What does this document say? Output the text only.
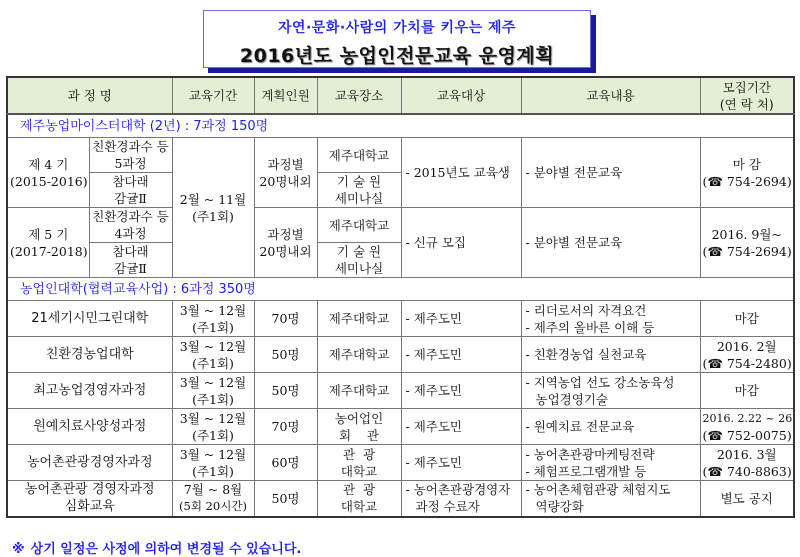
자연·문화·사람의 가치를 키우는 제주
2016년도 농업인전문교육 운영계획
과 정 명		교육기간	계획인원	교육장소	교육대상	교육내용	모집기간
(연 락 처)

제주농업마이스터대학 (2년) : 7과정 150명							

제 4 기
(2015-2016)	친환경과수 등
5과정	2월 ~ 11월
(주1회)	과정별
20명내외	제주대학교	- 2015년도 교육생	- 분야별 전문교육	마 감
(☎ 754-2694)

	참다래
감귤Ⅱ			기 술 원
세미나실			

제 5 기
(2017-2018)	친환경과수 등
4과정		과정별
20명내외	제주대학교	- 신규 모집	- 분야별 전문교육	2016. 9월~
(☎ 754-2694)

	참다래
감귤Ⅱ			기 술 원
세미나실			

농업인대학(협력교육사업) : 6과정 350명							
21세기시민그린대학		3월 ~ 12월
(주1회)	70명	제주대학교	- 제주도민	- 리더로서의 자격요건
- 제주의 올바른 이해 등	마감
친환경농업대학		3월 ~ 12월
(주1회)	50명	제주대학교	- 제주도민	- 친환경농업 실천교육	2016. 2월
(☎ 754-2480)

최고농업경영자과정		3월 ~ 12월
(주1회)	50명	제주대학교	- 제주도민	- 지역농업 선도 강소농육성
농업경영기술	마감
원예치료사양성과정		3월 ~ 12월
(주1회)	70명	농어업인
회    관	- 제주도민	- 원예치료 전문교육	2016. 2.22 ~ 26
(☎ 752-0075)

농어촌관광경영자과정		3월 ~ 12월
(주1회)	60명	관  광
대학교	- 제주도민	- 농어촌관광마케팅전략
- 체험프로그램개발 등	2016. 3월
(☎ 740-8863)

농어촌관광 경영자과정
심화교육		7월 ~ 8월
(5회 20시간)	50명	관  광
대학교	- 농어촌관광경영자
과정 수료자	- 농어촌체험관광 체험지도
역량강화	별도 공지
※ 상기 일정은 사정에 의하여 변경될 수 있습니다.
